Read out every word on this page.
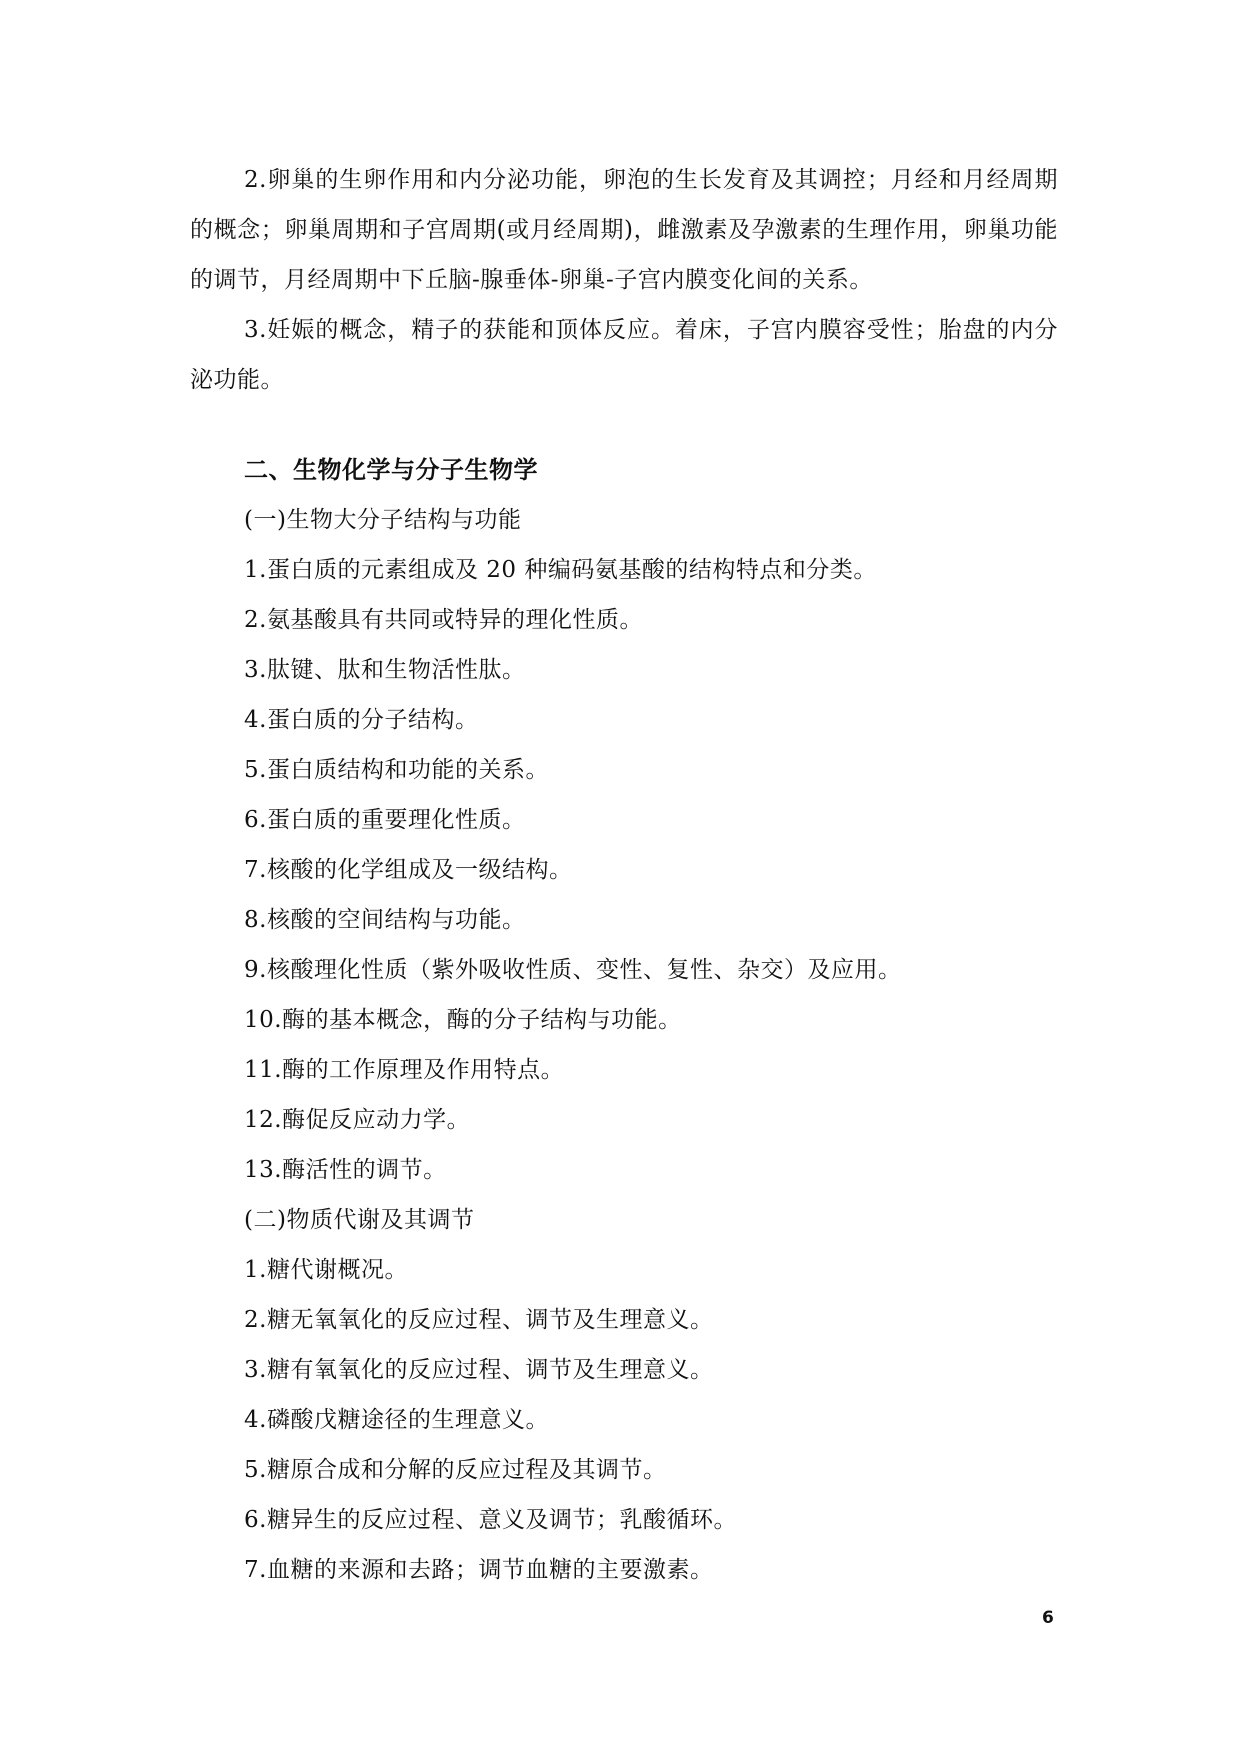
2.卵巢的生卵作用和内分泌功能，卵泡的生长发育及其调控；月经和月经周期的概念；卵巢周期和子宫周期(或月经周期)，雌激素及孕激素的生理作用，卵巢功能的调节，月经周期中下丘脑-腺垂体-卵巢-子宫内膜变化间的关系。

3.妊娠的概念，精子的获能和顶体反应。着床，子宫内膜容受性；胎盘的内分泌功能。

二、生物化学与分子生物学

(一)生物大分子结构与功能

1.蛋白质的元素组成及 20 种编码氨基酸的结构特点和分类。

2.氨基酸具有共同或特异的理化性质。

3.肽键、肽和生物活性肽。

4.蛋白质的分子结构。

5.蛋白质结构和功能的关系。

6.蛋白质的重要理化性质。

7.核酸的化学组成及一级结构。

8.核酸的空间结构与功能。

9.核酸理化性质（紫外吸收性质、变性、复性、杂交）及应用。

10.酶的基本概念，酶的分子结构与功能。

11.酶的工作原理及作用特点。

12.酶促反应动力学。

13.酶活性的调节。

(二)物质代谢及其调节

1.糖代谢概况。

2.糖无氧氧化的反应过程、调节及生理意义。

3.糖有氧氧化的反应过程、调节及生理意义。

4.磷酸戊糖途径的生理意义。

5.糖原合成和分解的反应过程及其调节。

6.糖异生的反应过程、意义及调节；乳酸循环。

7.血糖的来源和去路；调节血糖的主要激素。

6
